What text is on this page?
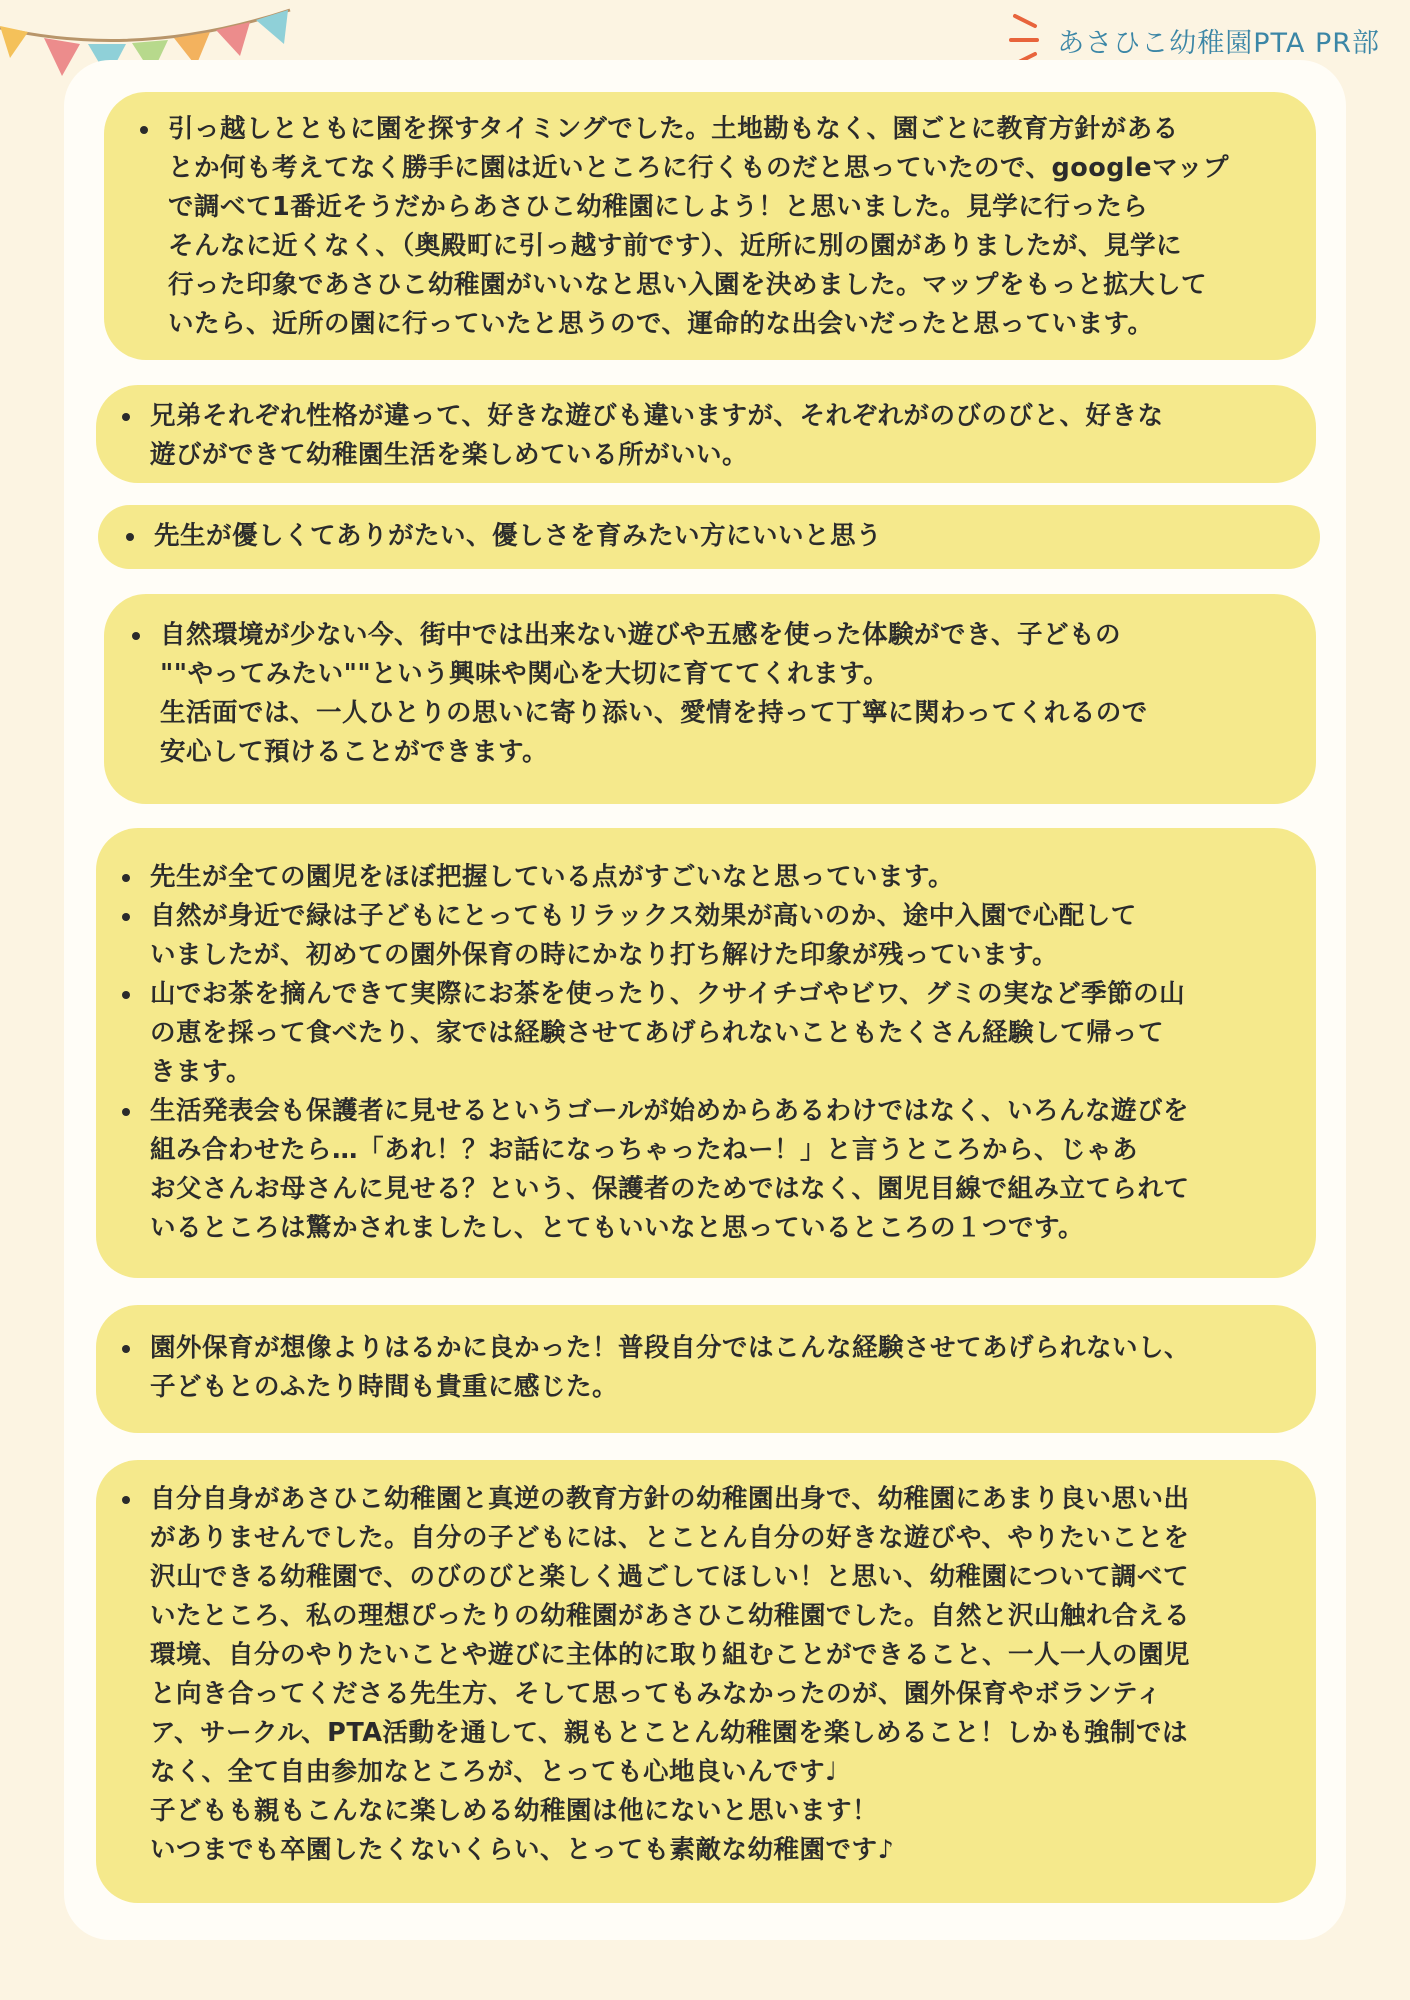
あさひこ幼稚園PTA PR部
引っ越しとともに園を探すタイミングでした。土地勘もなく、園ごとに教育方針がある
とか何も考えてなく勝手に園は近いところに行くものだと思っていたので、googleマップ
で調べて1番近そうだからあさひこ幼稚園にしよう！と思いました。見学に行ったら
そんなに近くなく、（奥殿町に引っ越す前です）、近所に別の園がありましたが、見学に
行った印象であさひこ幼稚園がいいなと思い入園を決めました。マップをもっと拡大して
いたら、近所の園に行っていたと思うので、運命的な出会いだったと思っています。
兄弟それぞれ性格が違って、好きな遊びも違いますが、それぞれがのびのびと、好きな
遊びができて幼稚園生活を楽しめている所がいい。
先生が優しくてありがたい、優しさを育みたい方にいいと思う
自然環境が少ない今、街中では出来ない遊びや五感を使った体験ができ、子どもの
""やってみたい""という興味や関心を大切に育ててくれます。
生活面では、一人ひとりの思いに寄り添い、愛情を持って丁寧に関わってくれるので
安心して預けることができます。
先生が全ての園児をほぼ把握している点がすごいなと思っています。
自然が身近で緑は子どもにとってもリラックス効果が高いのか、途中入園で心配して
いましたが、初めての園外保育の時にかなり打ち解けた印象が残っています。
山でお茶を摘んできて実際にお茶を使ったり、クサイチゴやビワ、グミの実など季節の山
の恵を採って食べたり、家では経験させてあげられないこともたくさん経験して帰って
きます。
生活発表会も保護者に見せるというゴールが始めからあるわけではなく、いろんな遊びを
組み合わせたら…「あれ！？お話になっちゃったねー！」と言うところから、じゃあ
お父さんお母さんに見せる？という、保護者のためではなく、園児目線で組み立てられて
いるところは驚かされましたし、とてもいいなと思っているところの１つです。
園外保育が想像よりはるかに良かった！普段自分ではこんな経験させてあげられないし、
子どもとのふたり時間も貴重に感じた。
自分自身があさひこ幼稚園と真逆の教育方針の幼稚園出身で、幼稚園にあまり良い思い出
がありませんでした。自分の子どもには、とことん自分の好きな遊びや、やりたいことを
沢山できる幼稚園で、のびのびと楽しく過ごしてほしい！と思い、幼稚園について調べて
いたところ、私の理想ぴったりの幼稚園があさひこ幼稚園でした。自然と沢山触れ合える
環境、自分のやりたいことや遊びに主体的に取り組むことができること、一人一人の園児
と向き合ってくださる先生方、そして思ってもみなかったのが、園外保育やボランティ
ア、サークル、PTA活動を通して、親もとことん幼稚園を楽しめること！しかも強制では
なく、全て自由参加なところが、とっても心地良いんです♩
子どもも親もこんなに楽しめる幼稚園は他にないと思います！
いつまでも卒園したくないくらい、とっても素敵な幼稚園です♪
